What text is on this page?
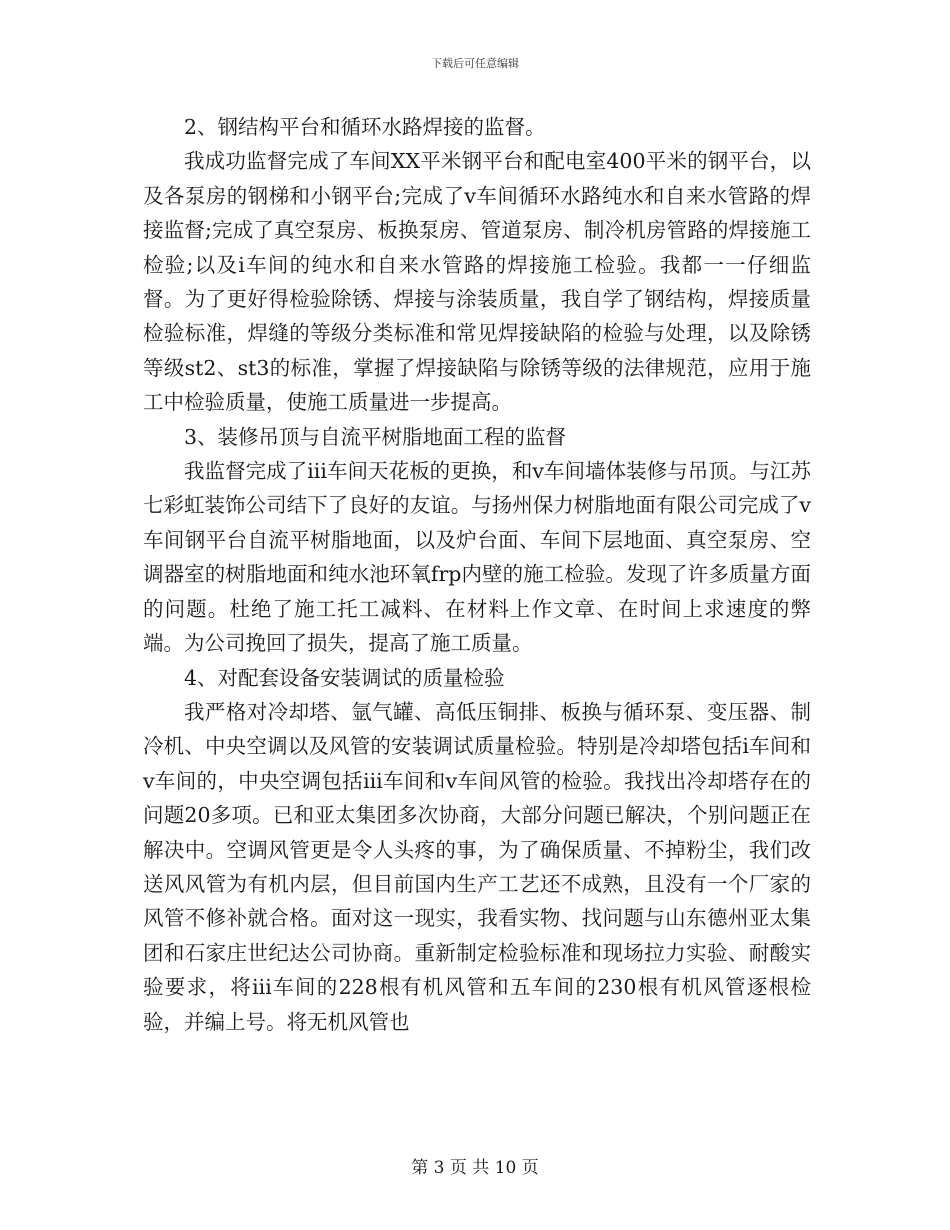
下载后可任意编辑

2、钢结构平台和循环水路焊接的监督。

我成功监督完成了车间XX平米钢平台和配电室400平米的钢平台，以及各泵房的钢梯和小钢平台;完成了v车间循环水路纯水和自来水管路的焊接监督;完成了真空泵房、板换泵房、管道泵房、制冷机房管路的焊接施工检验;以及i车间的纯水和自来水管路的焊接施工检验。我都一一仔细监督。为了更好得检验除锈、焊接与涂装质量，我自学了钢结构，焊接质量检验标准，焊缝的等级分类标准和常见焊接缺陷的检验与处理，以及除锈等级st2、st3的标准，掌握了焊接缺陷与除锈等级的法律规范，应用于施工中检验质量，使施工质量进一步提高。

3、装修吊顶与自流平树脂地面工程的监督

我监督完成了iii车间天花板的更换，和v车间墙体装修与吊顶。与江苏七彩虹装饰公司结下了良好的友谊。与扬州保力树脂地面有限公司完成了v车间钢平台自流平树脂地面，以及炉台面、车间下层地面、真空泵房、空调器室的树脂地面和纯水池环氧frp内壁的施工检验。发现了许多质量方面的问题。杜绝了施工托工减料、在材料上作文章、在时间上求速度的弊端。为公司挽回了损失，提高了施工质量。

4、对配套设备安装调试的质量检验

我严格对冷却塔、氩气罐、高低压铜排、板换与循环泵、变压器、制冷机、中央空调以及风管的安装调试质量检验。特别是冷却塔包括i车间和v车间的，中央空调包括iii车间和v车间风管的检验。我找出冷却塔存在的问题20多项。已和亚太集团多次协商，大部分问题已解决，个别问题正在解决中。空调风管更是令人头疼的事，为了确保质量、不掉粉尘，我们改送风风管为有机内层，但目前国内生产工艺还不成熟，且没有一个厂家的风管不修补就合格。面对这一现实，我看实物、找问题与山东德州亚太集团和石家庄世纪达公司协商。重新制定检验标准和现场拉力实验、耐酸实验要求，将iii车间的228根有机风管和五车间的230根有机风管逐根检验，并编上号。将无机风管也

第 3 页 共 10 页
